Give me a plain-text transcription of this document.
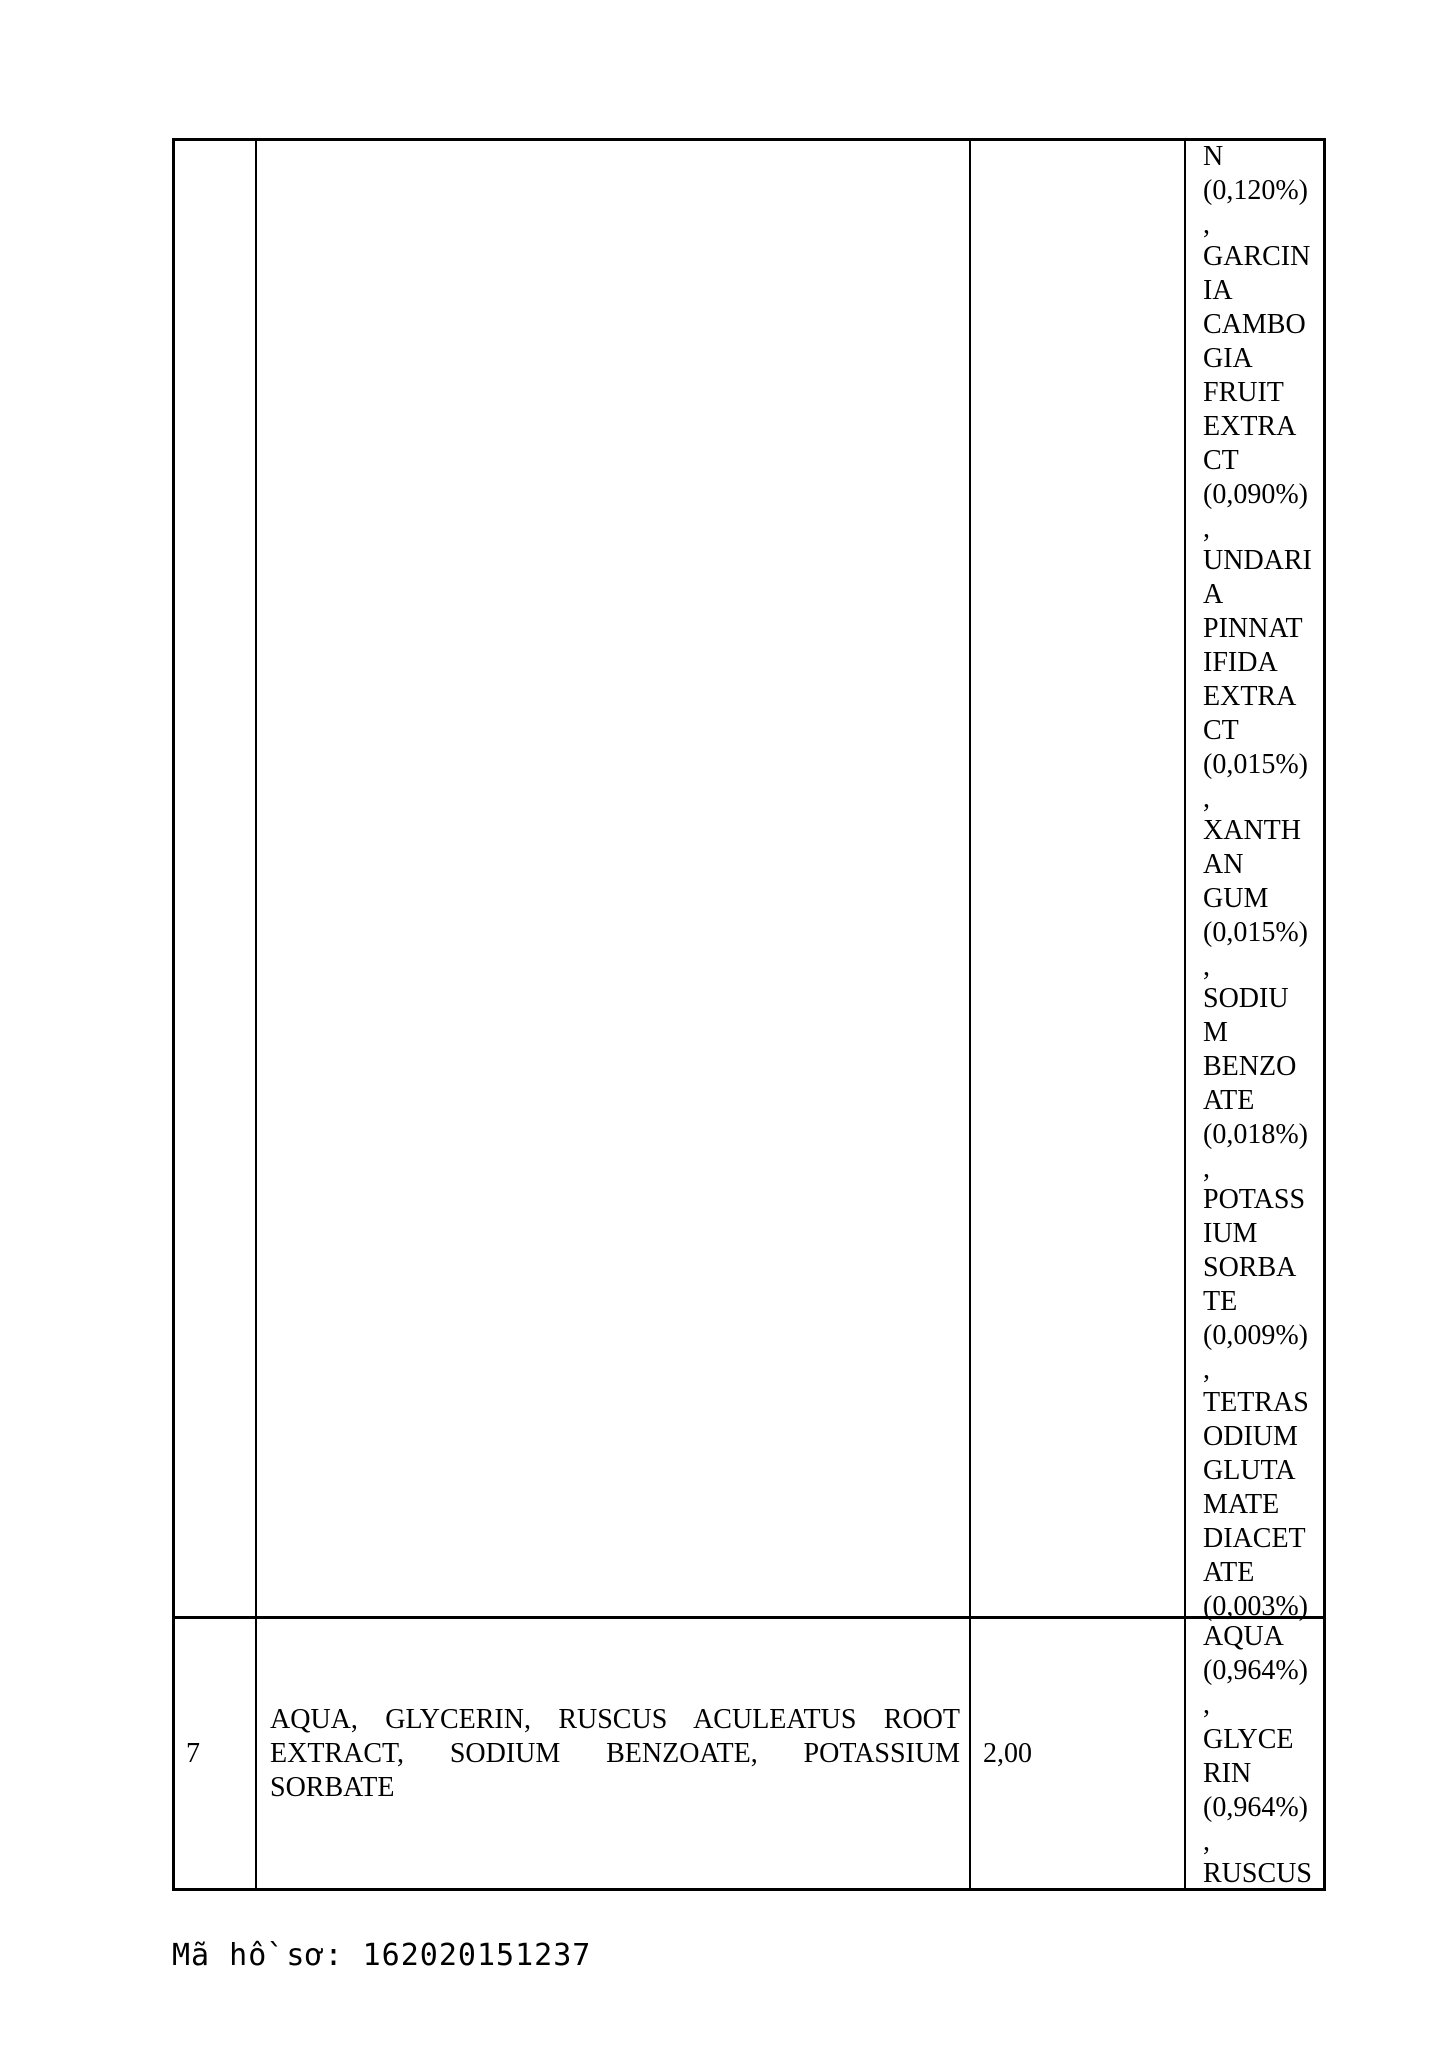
N
(0,120%)
,
GARCIN
IA
CAMBO
GIA
FRUIT
EXTRA
CT
(0,090%)
,
UNDARI
A
PINNAT
IFIDA
EXTRA
CT
(0,015%)
,
XANTH
AN
GUM
(0,015%)
,
SODIU
M
BENZO
ATE
(0,018%)
,
POTASS
IUM
SORBA
TE
(0,009%)
,
TETRAS
ODIUM
GLUTA
MATE
DIACET
ATE
(0,003%)
7
AQUA, GLYCERIN, RUSCUS ACULEATUS ROOT EXTRACT, SODIUM BENZOATE, POTASSIUM SORBATE
2,00
AQUA
(0,964%)
,
GLYCE
RIN
(0,964%)
,
RUSCUS
Mã hồ sơ: 162020151237
